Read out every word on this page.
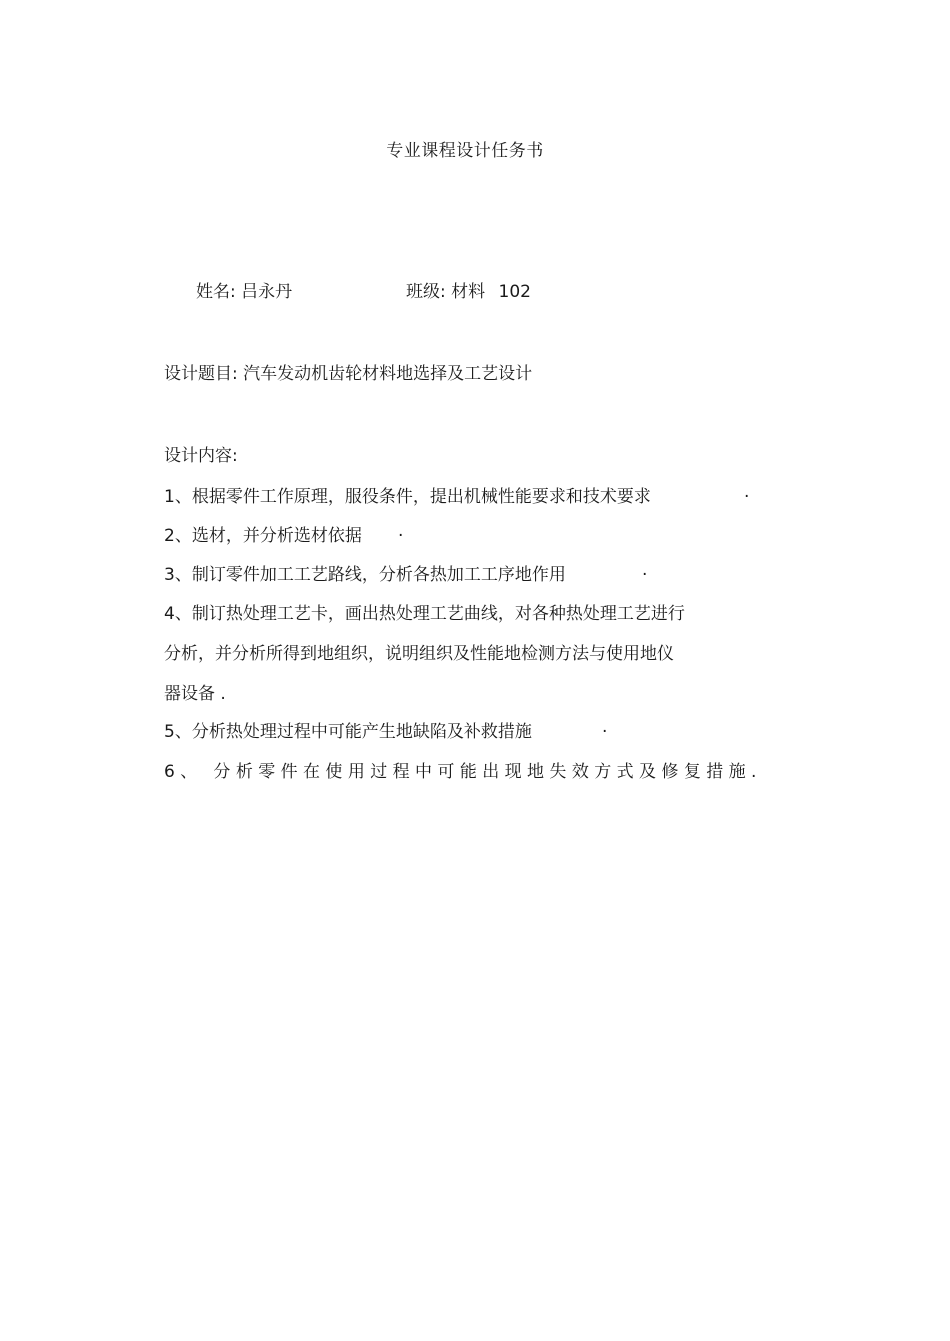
专业课程设计任务书
姓名: 吕永丹	班级: 材料 102
设计题目: 汽车发动机齿轮材料地选择及工艺设计
设计内容:
1、根据零件工作原理，服役条件，提出机械性能要求和技术要求	.
2、选材，并分析选材依据 .
3、制订零件加工工艺路线，分析各热加工工序地作用	.
4、制订热处理工艺卡，画出热处理工艺曲线，对各种热处理工艺进行
分析，并分析所得到地组织，说明组织及性能地检测方法与使用地仪
器设备 .
5、分析热处理过程中可能产生地缺陷及补救措施	.
6、 分析零件在使用过程中可能出现地失效方式及修复措施.
